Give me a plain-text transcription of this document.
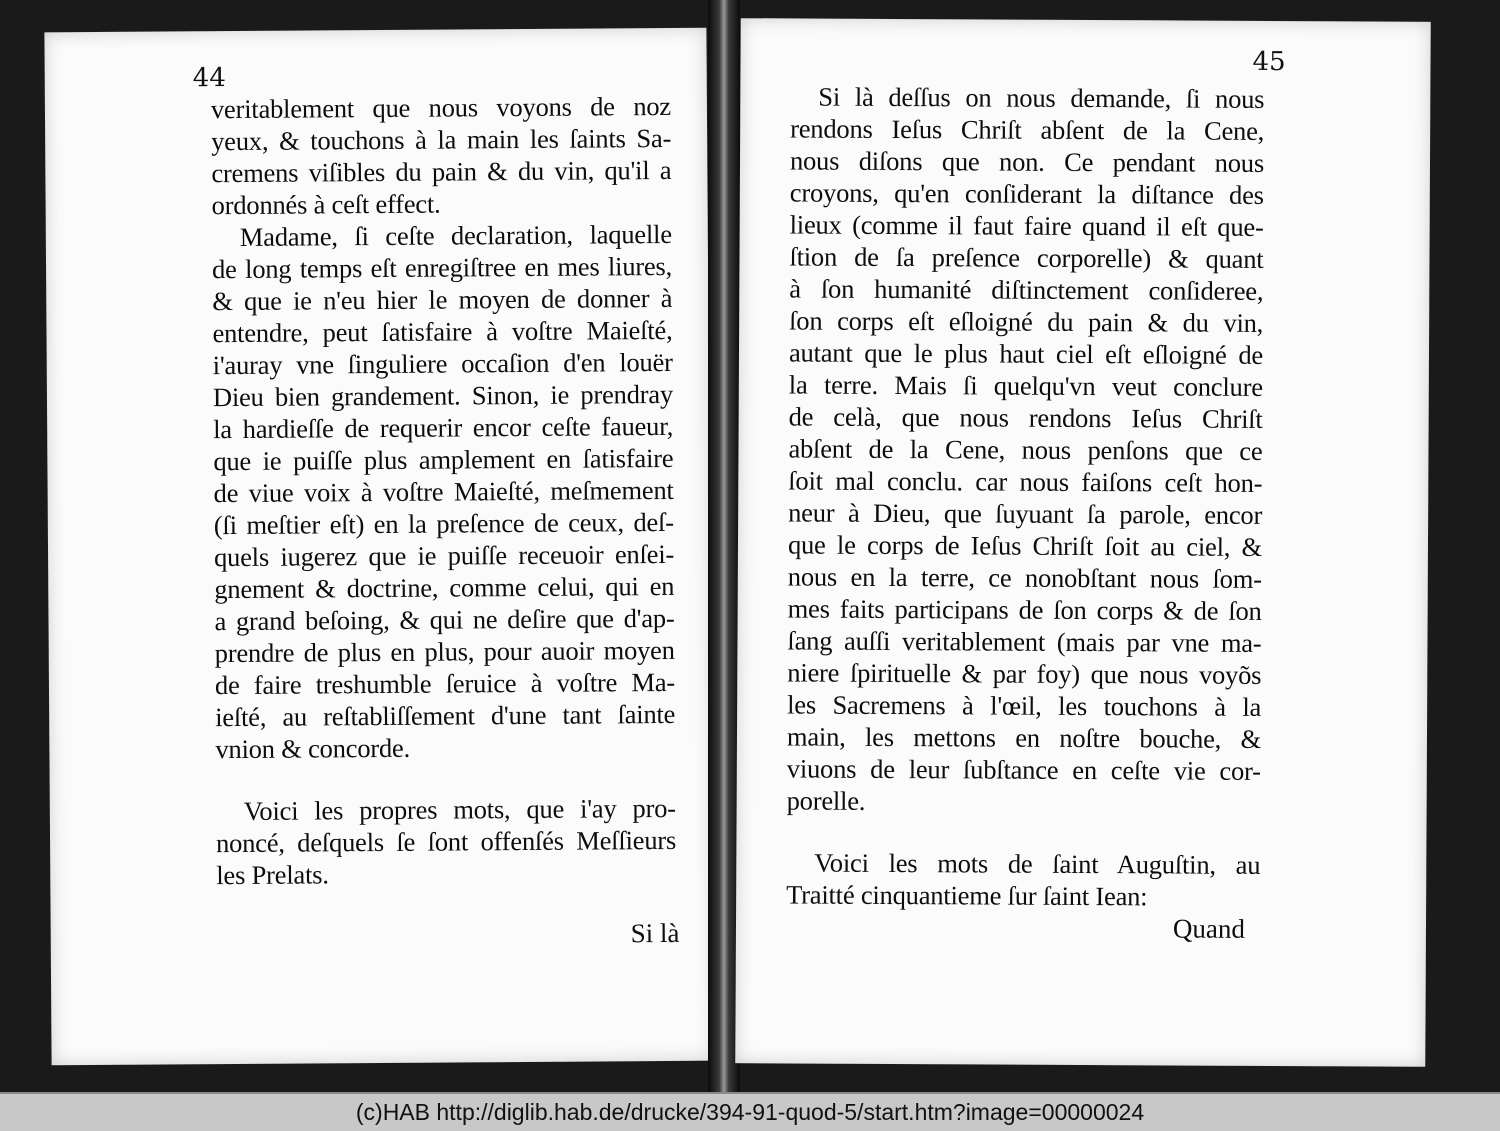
44
veritablement que nous voyons de noz
yeux, & touchons à la main les ſaints Sa-
cremens viſibles du pain & du vin, qu'il a
ordonnés à ceſt effect.
Madame, ſi ceſte declaration, laquelle
de long temps eſt enregiſtree en mes liures,
& que ie n'eu hier le moyen de donner à
entendre, peut ſatisfaire à voſtre Maieſté,
i'auray vne ſinguliere occaſion d'en louër
Dieu bien grandement. Sinon, ie prendray
la hardieſſe de requerir encor ceſte faueur,
que ie puiſſe plus amplement en ſatisfaire
de viue voix à voſtre Maieſté, meſmement
(ſi meſtier eſt) en la preſence de ceux, deſ-
quels iugerez que ie puiſſe receuoir enſei-
gnement & doctrine, comme celui, qui en
a grand beſoing, & qui ne deſire que d'ap-
prendre de plus en plus, pour auoir moyen
de faire treshumble ſeruice à voſtre Ma-
ieſté, au reſtabliſſement d'une tant ſainte
vnion & concorde.
Voici les propres mots, que i'ay pro-
noncé, deſquels ſe ſont offenſés Meſſieurs
les Prelats.
Si là
45
Si là deſſus on nous demande, ſi nous
rendons Ieſus Chriſt abſent de la Cene,
nous diſons que non. Ce pendant nous
croyons, qu'en conſiderant la diſtance des
lieux (comme il faut faire quand il eſt que-
ſtion de ſa preſence corporelle) & quant
à ſon humanité diſtinctement conſideree,
ſon corps eſt eſloigné du pain & du vin,
autant que le plus haut ciel eſt eſloigné de
la terre. Mais ſi quelqu'vn veut conclure
de celà, que nous rendons Ieſus Chriſt
abſent de la Cene, nous penſons que ce
ſoit mal conclu. car nous faiſons ceſt hon-
neur à Dieu, que ſuyuant ſa parole, encor
que le corps de Ieſus Chriſt ſoit au ciel, &
nous en la terre, ce nonobſtant nous ſom-
mes faits participans de ſon corps & de ſon
ſang auſſi veritablement (mais par vne ma-
niere ſpirituelle & par foy) que nous voyõs
les Sacremens à l'œil, les touchons à la
main, les mettons en noſtre bouche, &
viuons de leur ſubſtance en ceſte vie cor-
porelle.
Voici les mots de ſaint Auguſtin, au
Traitté cinquantieme ſur ſaint Iean:
Quand
(c)HAB http://diglib.hab.de/drucke/394-91-quod-5/start.htm?image=00000024
